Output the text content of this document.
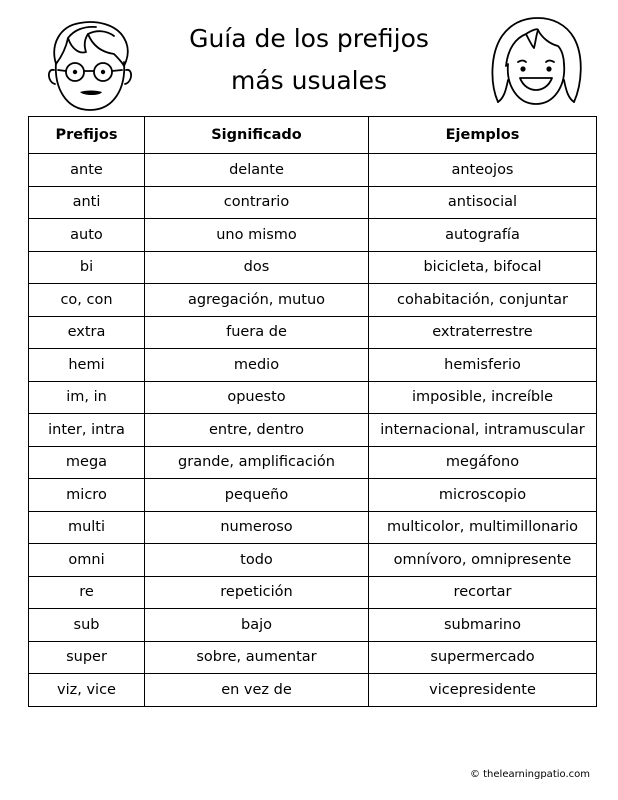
Guía de los prefijos
más usuales
Prefijos	Significado	Ejemplos
ante	delante	anteojos
anti	contrario	antisocial
auto	uno mismo	autografía
bi	dos	bicicleta, bifocal
co, con	agregación, mutuo	cohabitación, conjuntar
extra	fuera de	extraterrestre
hemi	medio	hemisferio
im, in	opuesto	imposible, increíble
inter, intra	entre, dentro	internacional, intramuscular
mega	grande, amplificación	megáfono
micro	pequeño	microscopio
multi	numeroso	multicolor, multimillonario
omni	todo	omnívoro, omnipresente
re	repetición	recortar
sub	bajo	submarino
super	sobre, aumentar	supermercado
viz, vice	en vez de	vicepresidente
© thelearningpatio.com
